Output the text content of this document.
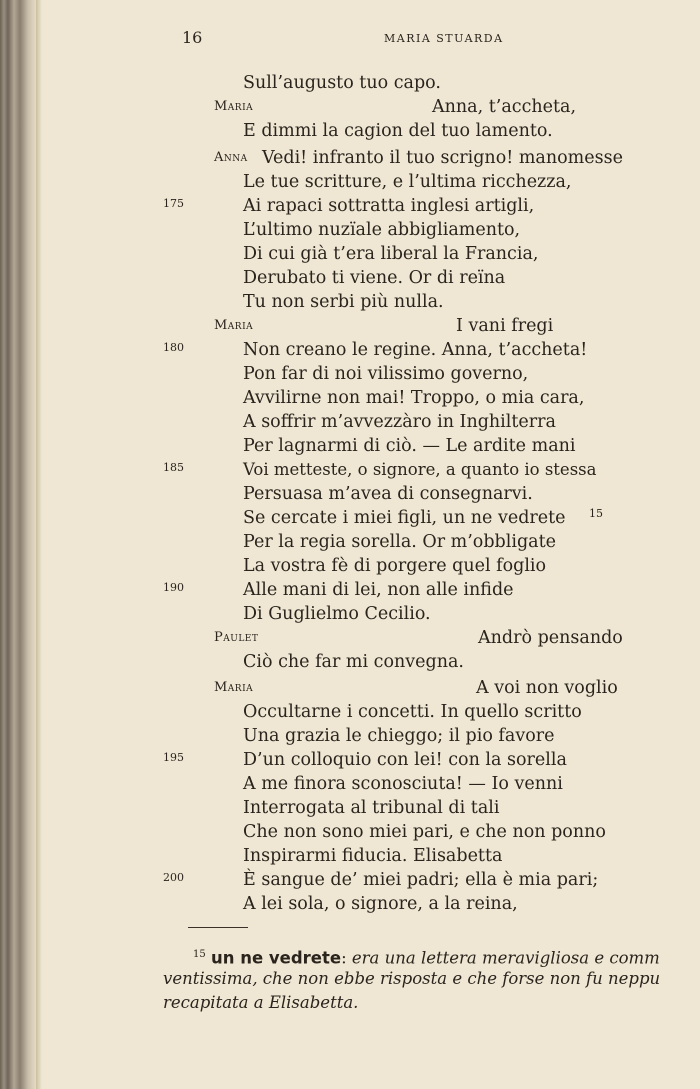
16	MARIA STUARDA
Sull’augusto tuo capo.
Maria	Anna, t’accheta,
E dimmi la cagion del tuo lamento.
Anna Vedi! infranto il tuo scrigno! manomesse
Le tue scritture, e l’ultima ricchezza,
Ai rapaci sottratta inglesi artigli,
L’ultimo nuzïale abbigliamento,
Di cui già t’era liberal la Francia,
Derubato ti viene. Or di reïna
Tu non serbi più nulla.
Maria	I vani fregi
Non creano le regine. Anna, t’accheta!
Pon far di noi vilissimo governo,
Avvilirne non mai! Troppo, o mia cara,
A soffrir m’avvezzàro in Inghilterra
Per lagnarmi di ciò. — Le ardite mani
Voi metteste, o signore, a quanto io stessa
Persuasa m’avea di consegnarvi.
Se cercate i miei figli, un ne vedrete 15
Per la regia sorella. Or m’obbligate
La vostra fè di porgere quel foglio
Alle mani di lei, non alle infide
Di Guglielmo Cecilio.
Paulet	Andrò pensando
Ciò che far mi convegna.
Maria	A voi non voglio
Occultarne i concetti. In quello scritto
Una grazia le chieggo; il pio favore
D’un colloquio con lei! con la sorella
A me finora sconosciuta! — Io venni
Interrogata al tribunal di tali
Che non sono miei pari, e che non ponno
Inspirarmi fiducia. Elisabetta
È sangue de’ miei padri; ella è mia pari;
A lei sola, o signore, a la reina,
175
180
185
190
195
200
$^{15}$ un ne vedrete: era una lettera meravigliosa e comm
ventissima, che non ebbe risposta e che forse non fu neppu
recapitata a Elisabetta.
